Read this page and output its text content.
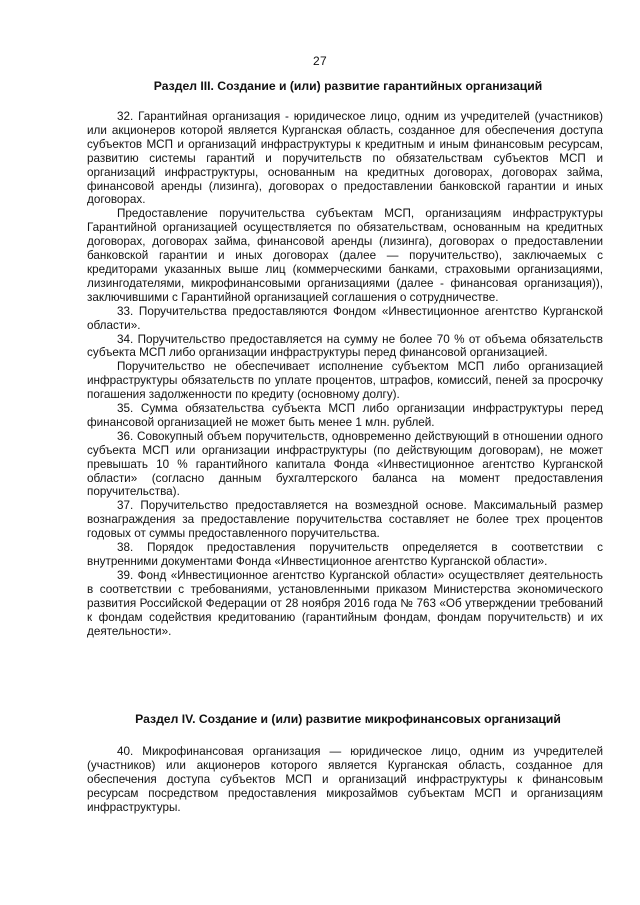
27
Раздел III. Создание и (или) развитие гарантийных организаций

32. Гарантийная организация - юридическое лицо, одним из учредителей (участников) или акционеров которой является Курганская область, созданное для обеспечения доступа субъектов МСП и организаций инфраструктуры к кредитным и иным финансовым ресурсам, развитию системы гарантий и поручительств по обязательствам субъектов МСП и организаций инфраструктуры, основанным на кредитных договорах, договорах займа, финансовой аренды (лизинга), договорах о предоставлении банковской гарантии и иных договорах.

Предоставление поручительства субъектам МСП, организациям инфраструктуры Гарантийной организацией осуществляется по обязательствам, основанным на кредитных договорах, договорах займа, финансовой аренды (лизинга), договорах о предоставлении банковской гарантии и иных договорах (далее — поручительство), заключаемых с кредиторами указанных выше лиц (коммерческими банками, страховыми организациями, лизингодателями, микрофинансовыми организациями (далее - финансовая организация)), заключившими с Гарантийной организацией соглашения о сотрудничестве.

33. Поручительства предоставляются Фондом «Инвестиционное агентство Курганской области».

34. Поручительство предоставляется на сумму не более 70 % от объема обязательств субъекта МСП либо организации инфраструктуры перед финансовой организацией.

Поручительство не обеспечивает исполнение субъектом МСП либо организацией инфраструктуры обязательств по уплате процентов, штрафов, комиссий, пеней за просрочку погашения задолженности по кредиту (основному долгу).

35. Сумма обязательства субъекта МСП либо организации инфраструктуры перед финансовой организацией не может быть менее 1 млн. рублей.

36. Совокупный объем поручительств, одновременно действующий в отношении одного субъекта МСП или организации инфраструктуры (по действующим договорам), не может превышать 10 % гарантийного капитала Фонда «Инвестиционное агентство Курганской области» (согласно данным бухгалтерского баланса на момент предоставления поручительства).

37. Поручительство предоставляется на возмездной основе. Максимальный размер вознаграждения за предоставление поручительства составляет не более трех процентов годовых от суммы предоставленного поручительства.

38. Порядок предоставления поручительств определяется в соответствии с внутренними документами Фонда «Инвестиционное агентство Курганской области».

39. Фонд «Инвестиционное агентство Курганской области» осуществляет деятельность в соответствии с требованиями, установленными приказом Министерства экономического развития Российской Федерации от 28 ноября 2016 года № 763 «Об утверждении требований к фондам содействия кредитованию (гарантийным фондам, фондам поручительств) и их деятельности».

Раздел IV. Создание и (или) развитие микрофинансовых организаций

40. Микрофинансовая организация — юридическое лицо, одним из учредителей (участников) или акционеров которого является Курганская область, созданное для обеспечения доступа субъектов МСП и организаций инфраструктуры к финансовым ресурсам посредством предоставления микрозаймов субъектам МСП и организациям инфраструктуры.
